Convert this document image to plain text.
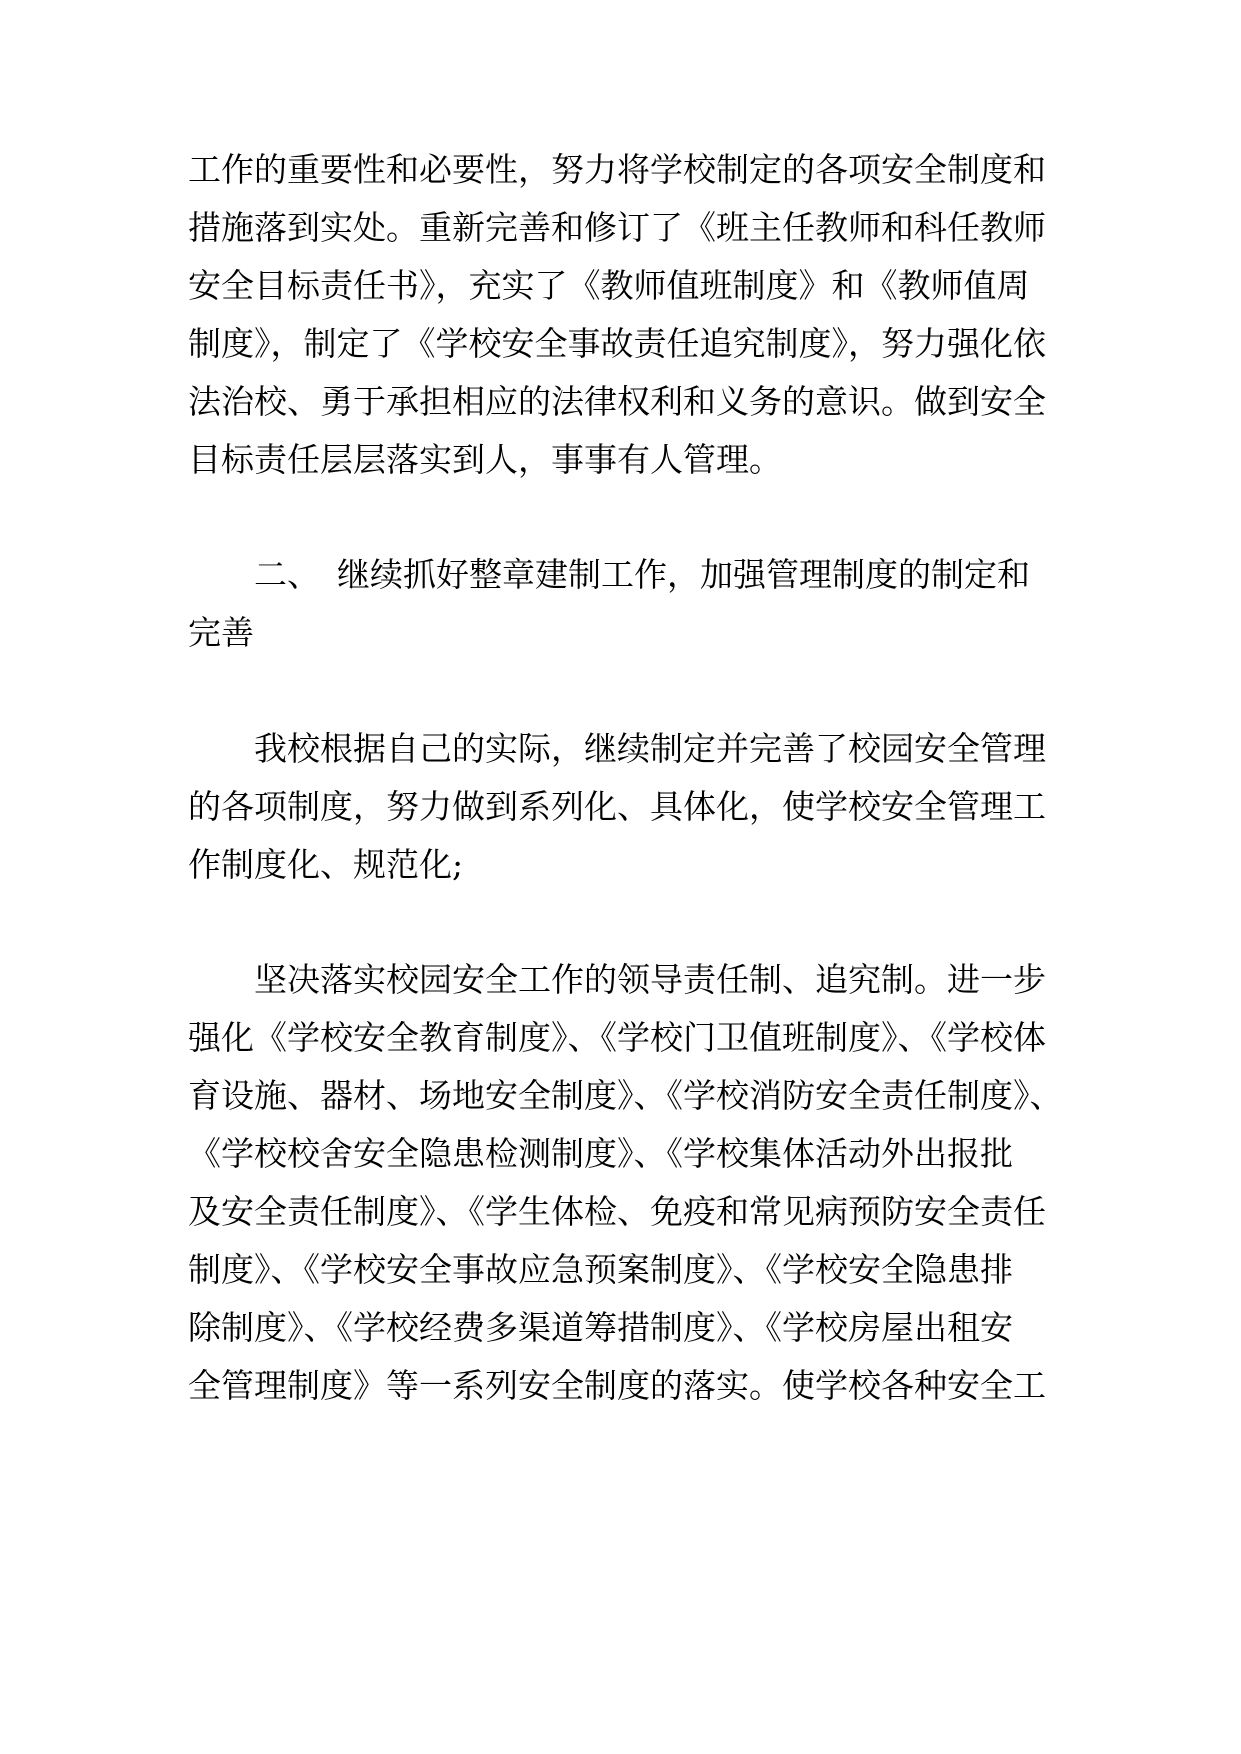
工作的重要性和必要性，努力将学校制定的各项安全制度和
措施落到实处。重新完善和修订了《班主任教师和科任教师
安全目标责任书》，充实了《教师值班制度》和《教师值周
制度》，制定了《学校安全事故责任追究制度》，努力强化依
法治校、勇于承担相应的法律权利和义务的意识。做到安全
目标责任层层落实到人，事事有人管理。
二、 继续抓好整章建制工作，加强管理制度的制定和
完善
我校根据自己的实际，继续制定并完善了校园安全管理
的各项制度，努力做到系列化、具体化，使学校安全管理工
作制度化、规范化;
坚决落实校园安全工作的领导责任制、追究制。进一步
强化《学校安全教育制度》、《学校门卫值班制度》、《学校体
育设施、器材、场地安全制度》、《学校消防安全责任制度》、
《学校校舍安全隐患检测制度》、《学校集体活动外出报批
及安全责任制度》、《学生体检、免疫和常见病预防安全责任
制度》、《学校安全事故应急预案制度》、《学校安全隐患排
除制度》、《学校经费多渠道筹措制度》、《学校房屋出租安
全管理制度》等一系列安全制度的落实。使学校各种安全工
